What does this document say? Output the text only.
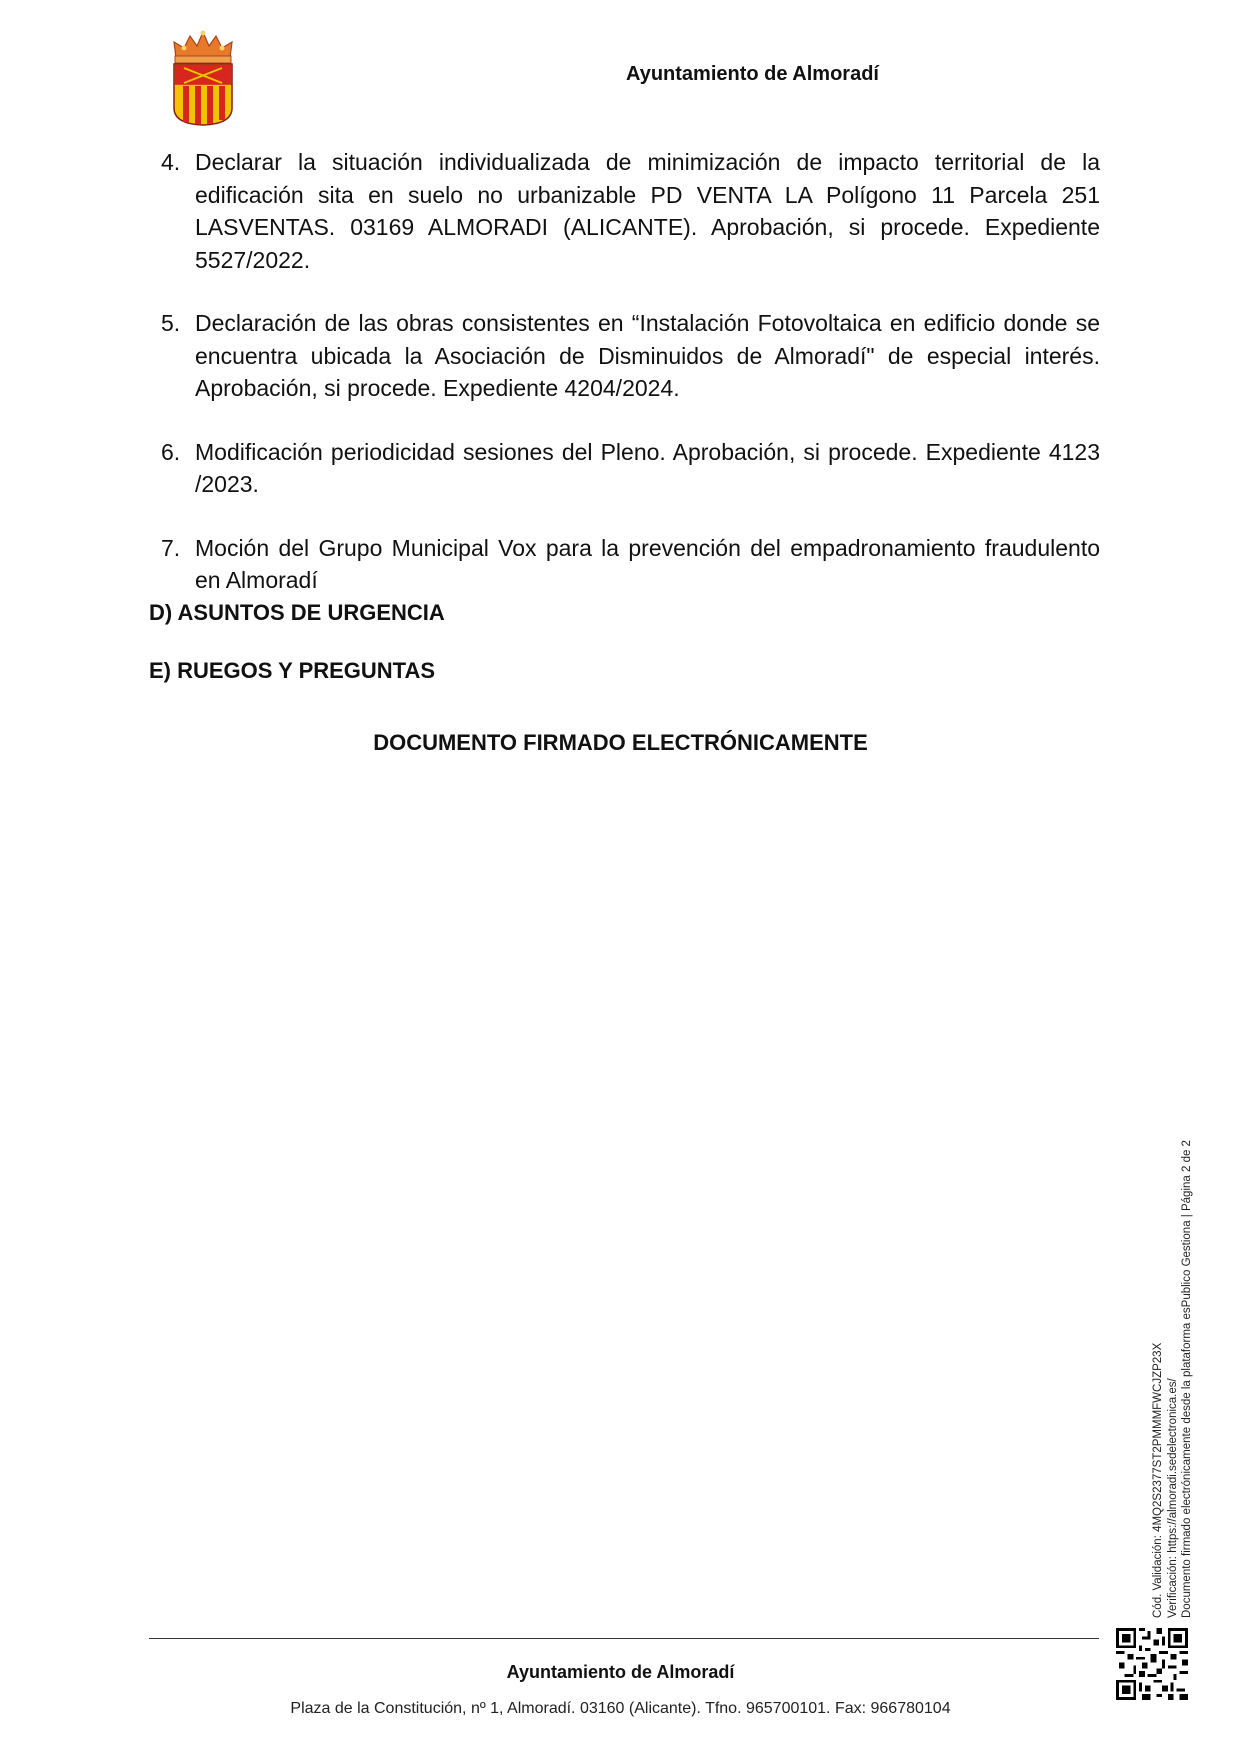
Ayuntamiento de Almoradí
4. Declarar la situación individualizada de minimización de impacto territorial de la edificación sita en suelo no urbanizable PD VENTA LA Polígono 11 Parcela 251 LASVENTAS. 03169 ALMORADI (ALICANTE). Aprobación, si procede. Expediente 5527/2022.
5. Declaración de las obras consistentes en “Instalación Fotovoltaica en edificio donde se encuentra ubicada la Asociación de Disminuidos de Almoradí" de especial interés. Aprobación, si procede. Expediente 4204/2024.
6. Modificación periodicidad sesiones del Pleno. Aprobación, si procede. Expediente 4123 /2023.
7. Moción del Grupo Municipal Vox para la prevención del empadronamiento fraudulento en Almoradí
D) ASUNTOS DE URGENCIA
E) RUEGOS Y PREGUNTAS
DOCUMENTO FIRMADO ELECTRÓNICAMENTE
Cód. Validación: 4MQ2S2377ST2PMMMFWCJZP23X Verificación: https://almoradi.sedelectronica.es/ Documento firmado electrónicamente desde la plataforma esPublico Gestiona | Página 2 de 2
Ayuntamiento de Almoradí
Plaza de la Constitución, nº 1, Almoradí. 03160 (Alicante). Tfno. 965700101. Fax: 966780104
